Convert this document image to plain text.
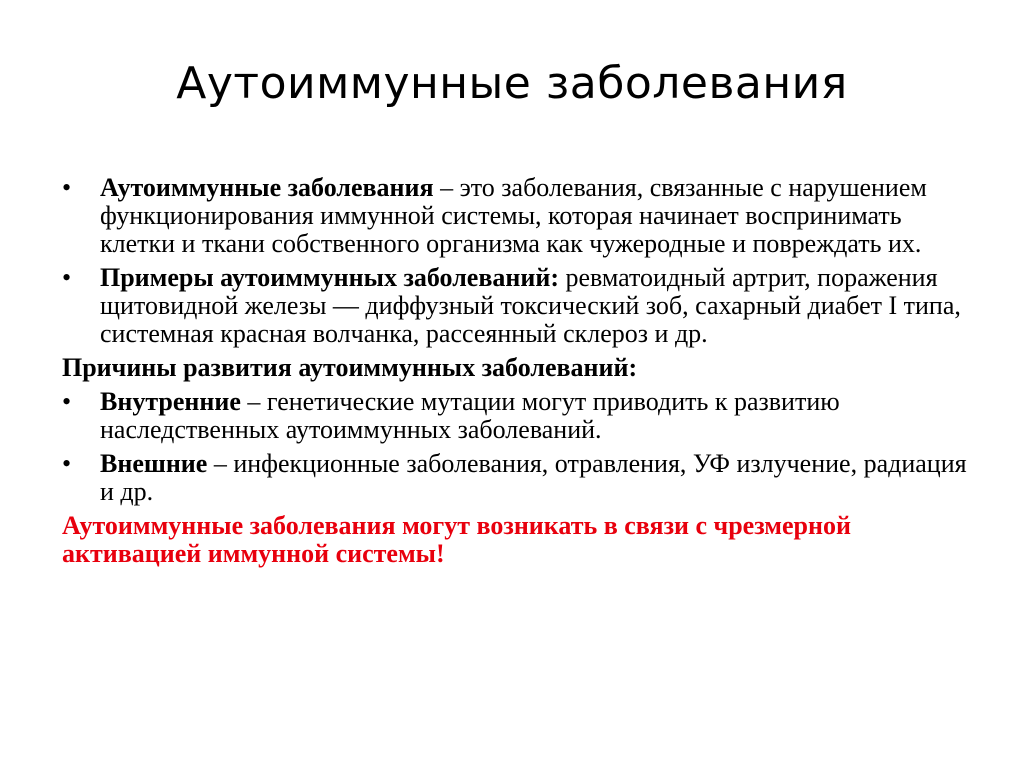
Аутоиммунные заболевания
•	Аутоиммунные заболевания – это заболевания, связанные с нарушением функционирования иммунной системы, которая начинает воспринимать клетки и ткани собственного организма как чужеродные и повреждать их.
•	Примеры аутоиммунных заболеваний: ревматоидный артрит, поражения щитовидной железы — диффузный токсический зоб, сахарный диабет I типа, системная красная волчанка, рассеянный склероз и др.
Причины развития аутоиммунных заболеваний:
•	Внутренние – генетические мутации могут приводить к развитию наследственных аутоиммунных заболеваний.
•	Внешние – инфекционные заболевания, отравления, УФ излучение, радиация и др.
Аутоиммунные заболевания могут возникать в связи с чрезмерной активацией иммунной системы!
